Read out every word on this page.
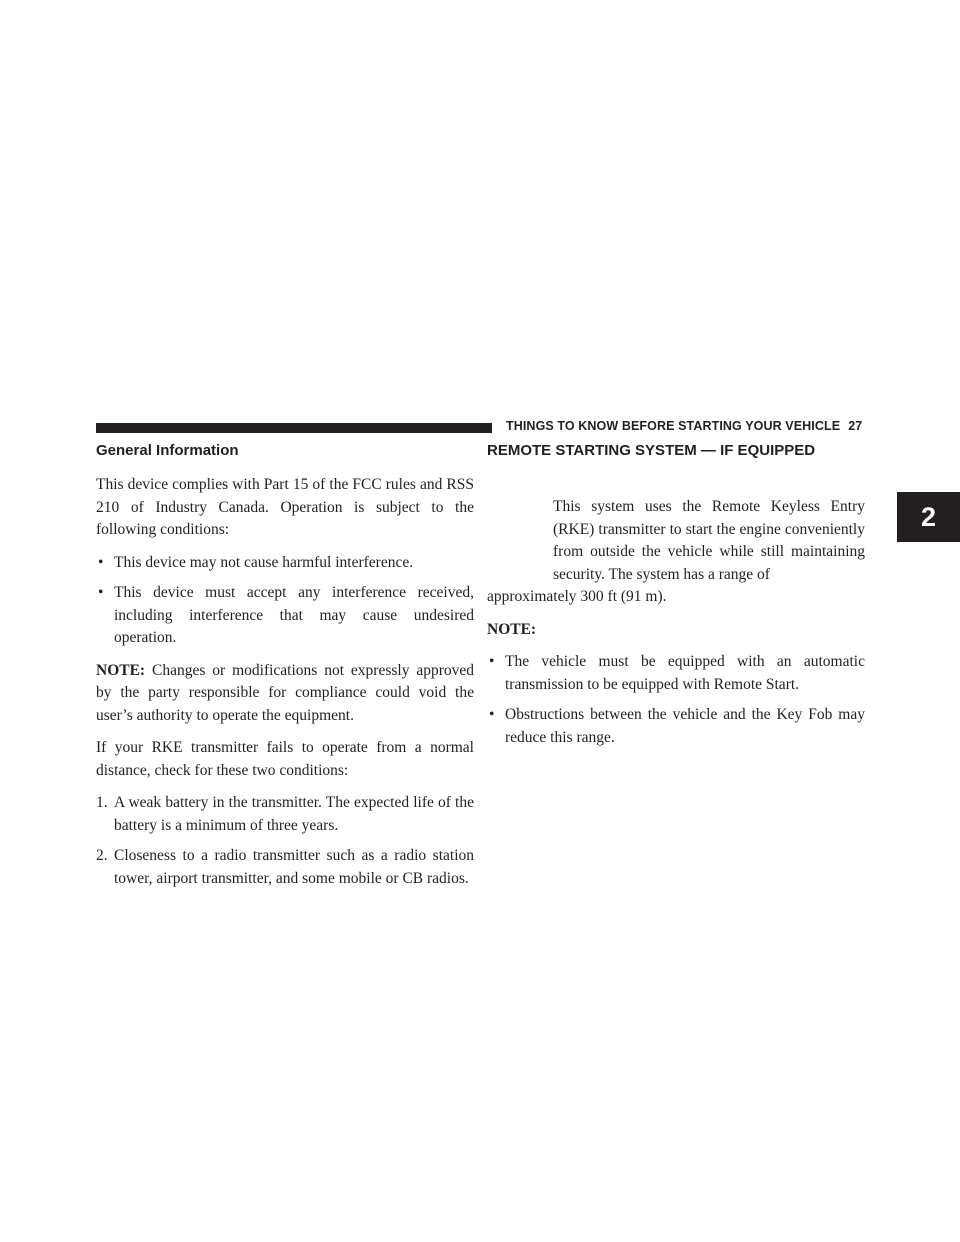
THINGS TO KNOW BEFORE STARTING YOUR VEHICLE 27
2
General Information

This device complies with Part 15 of the FCC rules and RSS 210 of Industry Canada. Operation is subject to the following conditions:

• This device may not cause harmful interference.
• This device must accept any interference received, including interference that may cause undesired operation.

NOTE: Changes or modifications not expressly approved by the party responsible for compliance could void the user’s authority to operate the equipment.

If your RKE transmitter fails to operate from a normal distance, check for these two conditions:

1. A weak battery in the transmitter. The expected life of the battery is a minimum of three years.
2. Closeness to a radio transmitter such as a radio station tower, airport transmitter, and some mobile or CB radios.
REMOTE STARTING SYSTEM — IF EQUIPPED

This system uses the Remote Keyless Entry (RKE) transmitter to start the engine conveniently from outside the vehicle while still maintaining security. The system has a range of

approximately 300 ft (91 m).

NOTE:

• The vehicle must be equipped with an automatic transmission to be equipped with Remote Start.
• Obstructions between the vehicle and the Key Fob may reduce this range.
